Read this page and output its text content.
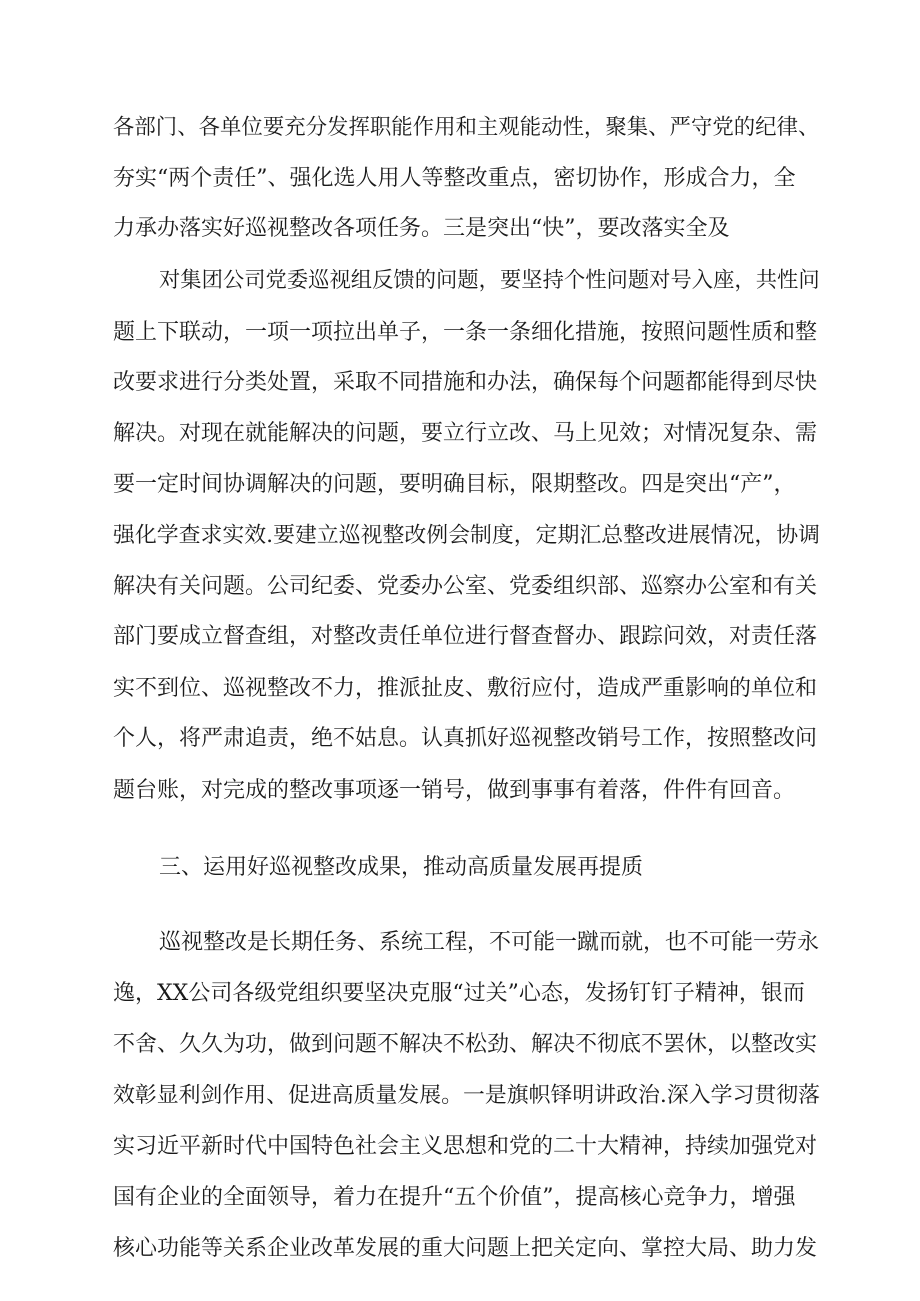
各部门、各单位要充分发挥职能作用和主观能动性，聚集、严守党的纪律、
夯实“两个责任”、强化选人用人等整改重点，密切协作，形成合力，全
力承办落实好巡视整改各项任务。三是突出“快”，要改落实全及
对集团公司党委巡视组反馈的问题，要坚持个性问题对号入座，共性问
题上下联动，一项一项拉出单子，一条一条细化措施，按照问题性质和整
改要求进行分类处置，采取不同措施和办法，确保每个问题都能得到尽快
解决。对现在就能解决的问题，要立行立改、马上见效；对情况复杂、需
要一定时间协调解决的问题，要明确目标，限期整改。四是突出“产”，
强化学查求实效.要建立巡视整改例会制度，定期汇总整改进展情况，协调
解决有关问题。公司纪委、党委办公室、党委组织部、巡察办公室和有关
部门要成立督查组，对整改责任单位进行督查督办、跟踪问效，对责任落
实不到位、巡视整改不力，推派扯皮、敷衍应付，造成严重影响的单位和
个人，将严肃追责，绝不姑息。认真抓好巡视整改销号工作，按照整改问
题台账，对完成的整改事项逐一销号，做到事事有着落，件件有回音。
三、运用好巡视整改成果，推动高质量发展再提质
巡视整改是长期任务、系统工程，不可能一蹴而就，也不可能一劳永
逸，XX公司各级党组织要坚决克服“过关”心态，发扬钉钉子精神，银而
不舍、久久为功，做到问题不解决不松劲、解决不彻底不罢休，以整改实
效彰显利剑作用、促进高质量发展。一是旗帜铎明讲政治.深入学习贯彻落
实习近平新时代中国特色社会主义思想和党的二十大精神，持续加强党对
国有企业的全面领导，着力在提升“五个价值”，提高核心竞争力，增强
核心功能等关系企业改革发展的重大问题上把关定向、掌控大局、助力发
